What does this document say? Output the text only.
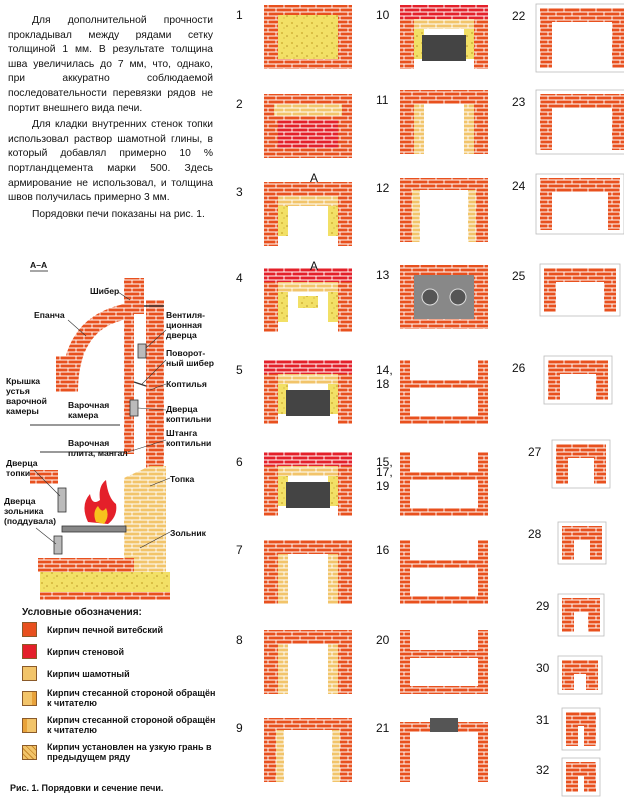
Для дополнительной прочности прокладывал между рядами сетку толщиной 1 мм. В результате толщина шва увеличилась до 7 мм, что, однако, при аккуратно соблюдаемой последовательности перевязки рядов не портит внешнего вида печи.

Для кладки внутренних стенок топки использовал раствор шамотной глины, в который добавлял примерно 10 % портландцемента марки 500. Здесь армирование не использовал, и толщина швов получилась примерно 3 мм.

Порядовки печи показаны на рис. 1.

А–А
Шибер
Епанча	Вентиля-
ционная
дверца
Поворот-
ный шибер
Коптилья
Крышка
устья
варочной
камеры
Варочная
камера
Дверца
коптильни
Штанга
коптильни
Варочная
плита, мангал
Дверца
топки
Топка
Дверца
зольника
(поддувала)
Зольник
1
2
3
4
5
6
7
8
9
10
11
12
13
14,
15,
16
20
21
18
17,
19
22
23
24
25
26
27
28
29
30
31
32
А
А
Условные обозначения:
Кирпич печной витебский
Кирпич стеновой
Кирпич шамотный
Кирпич стесанной стороной обращён к читателю
Кирпич стесанной стороной обращён к читателю
Кирпич установлен на узкую грань в предыдущем ряду
Рис. 1. Порядовки и сечение печи.
